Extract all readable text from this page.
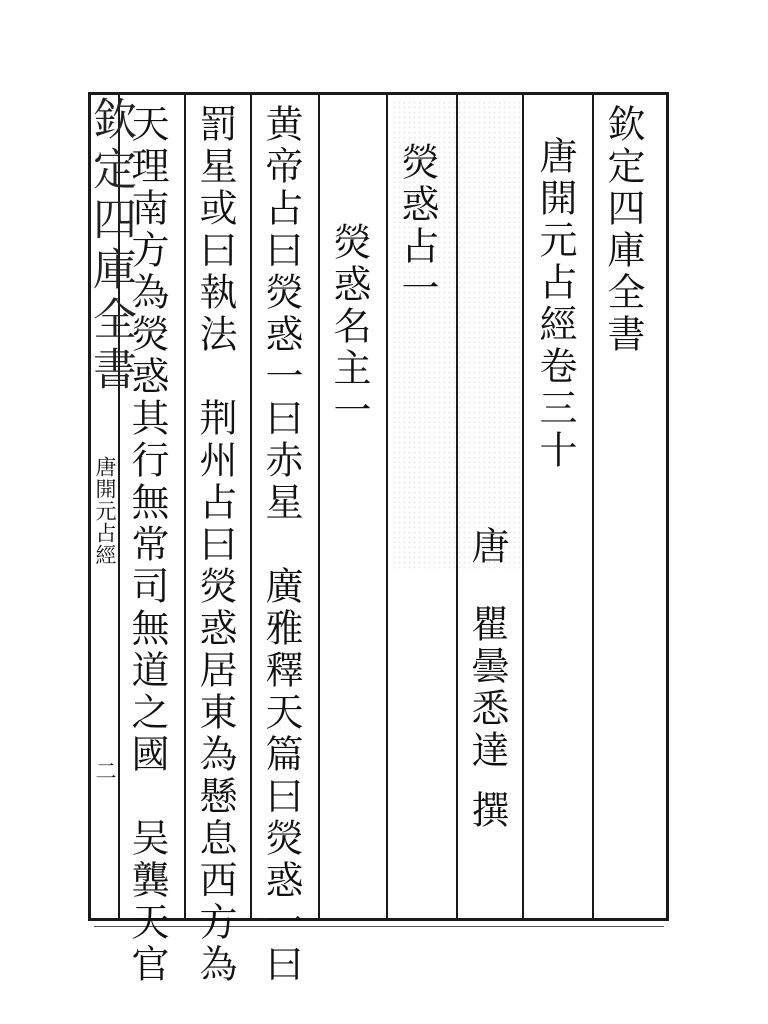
欽定四庫全書	欽定四庫全書
唐開元占經卷三十
唐
瞿曇悉達
撰
熒惑占一
熒惑名主一
黄帝占曰熒惑一曰赤星　廣雅釋天篇曰熒惑一曰
罰星或曰執法　荆州占曰熒惑居東為懸息西方為
天理南方為熒惑其行無常司無道之國　吴龔天官
唐開元占經
二
